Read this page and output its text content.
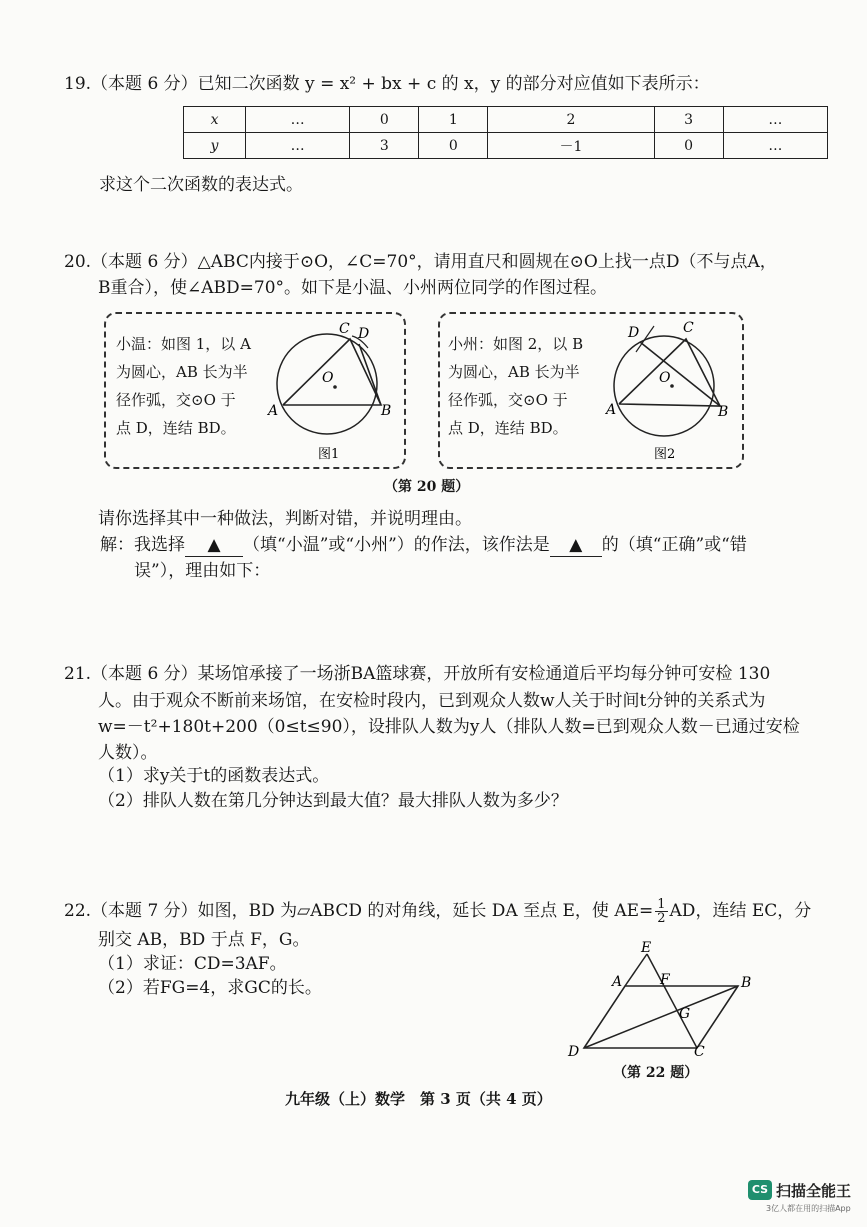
19.（本题 6 分）已知二次函数 y = x² + bx + c 的 x，y 的部分对应值如下表所示：
x	…	0	1	2	3	…
y	…	3	0	－1	0	…
求这个二次函数的表达式。
20.（本题 6 分）△ABC内接于⊙O，∠C=70°，请用直尺和圆规在⊙O上找一点D（不与点A，
B重合），使∠ABD=70°。如下是小温、小州两位同学的作图过程。
小温：如图 1，以 A
为圆心，AB 长为半
径作弧，交⊙O 于
点 D，连结 BD。
C D
O
A	B
图1
小州：如图 2，以 B
为圆心，AB 长为半
径作弧，交⊙O 于
点 D，连结 BD。
C
D
O
A	B
图2
（第 20 题）
请你选择其中一种做法，判断对错，并说明理由。
解：我选择 ▲ （填“小温”或“小州”）的作法，该作法是 ▲ 的（填“正确”或“错
误”），理由如下：
21.（本题 6 分）某场馆承接了一场浙BA篮球赛，开放所有安检通道后平均每分钟可安检 130
人。由于观众不断前来场馆，在安检时段内，已到观众人数w人关于时间t分钟的关系式为
w=－t²+180t+200（0≤t≤90），设排队人数为y人（排队人数=已到观众人数－已通过安检
人数）。
（1）求y关于t的函数表达式。
（2）排队人数在第几分钟达到最大值？最大排队人数为多少？
22.（本题 7 分）如图，BD 为▱ABCD 的对角线，延长 DA 至点 E，使 $AE= \frac{1}{2}$ AD，连结 EC，分
别交 AB，BD 于点 F，G。
（1）求证：CD=3AF。
（2）若FG=4，求GC的长。
E
A	F	B
G
D	C
（第 22 题）
九年级（上）数学　第 3 页（共 4 页）
CS 扫描全能王
3亿人都在用的扫描App
